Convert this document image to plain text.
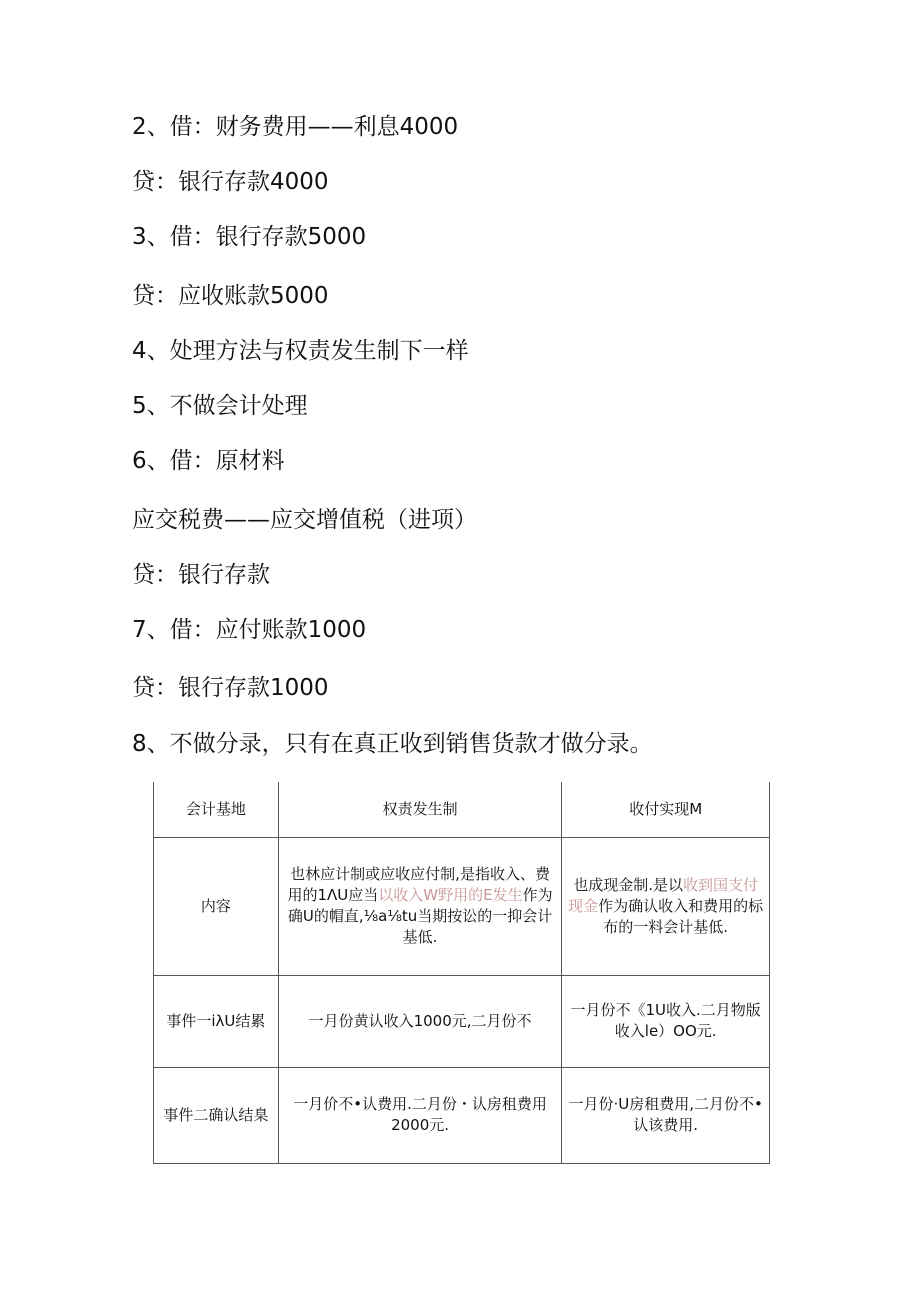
2、借：财务费用——利息4000
贷：银行存款4000
3、借：银行存款5000
贷：应收账款5000
4、处理方法与权责发生制下一样
5、不做会计处理
6、借：原材料
应交税费——应交增值税（进项）
贷：银行存款
7、借：应付账款1000
贷：银行存款1000
8、不做分录，只有在真正收到销售货款才做分录。
会计基地	权责发生制	收付实现M
内容	也林应计制或应收应付制,是指收入、费用的1ΛU应当以收入W野用的E发生作为确U的帽直,⅛a⅛tu当期按讼的一抑会计基低.	也成现金制.是以收到国支付现金作为确认收入和费用的标布的一料会计基低.
事件一iλU结累	一月份黄认收入1000元,二月份不	一月份不《1U收入.二月物版收入le）OO元.
事件二确认结臬	一月价不•认费用.二月份・认房租费用2000元.	一月份·U房租费用,二月份不•认该费用.
